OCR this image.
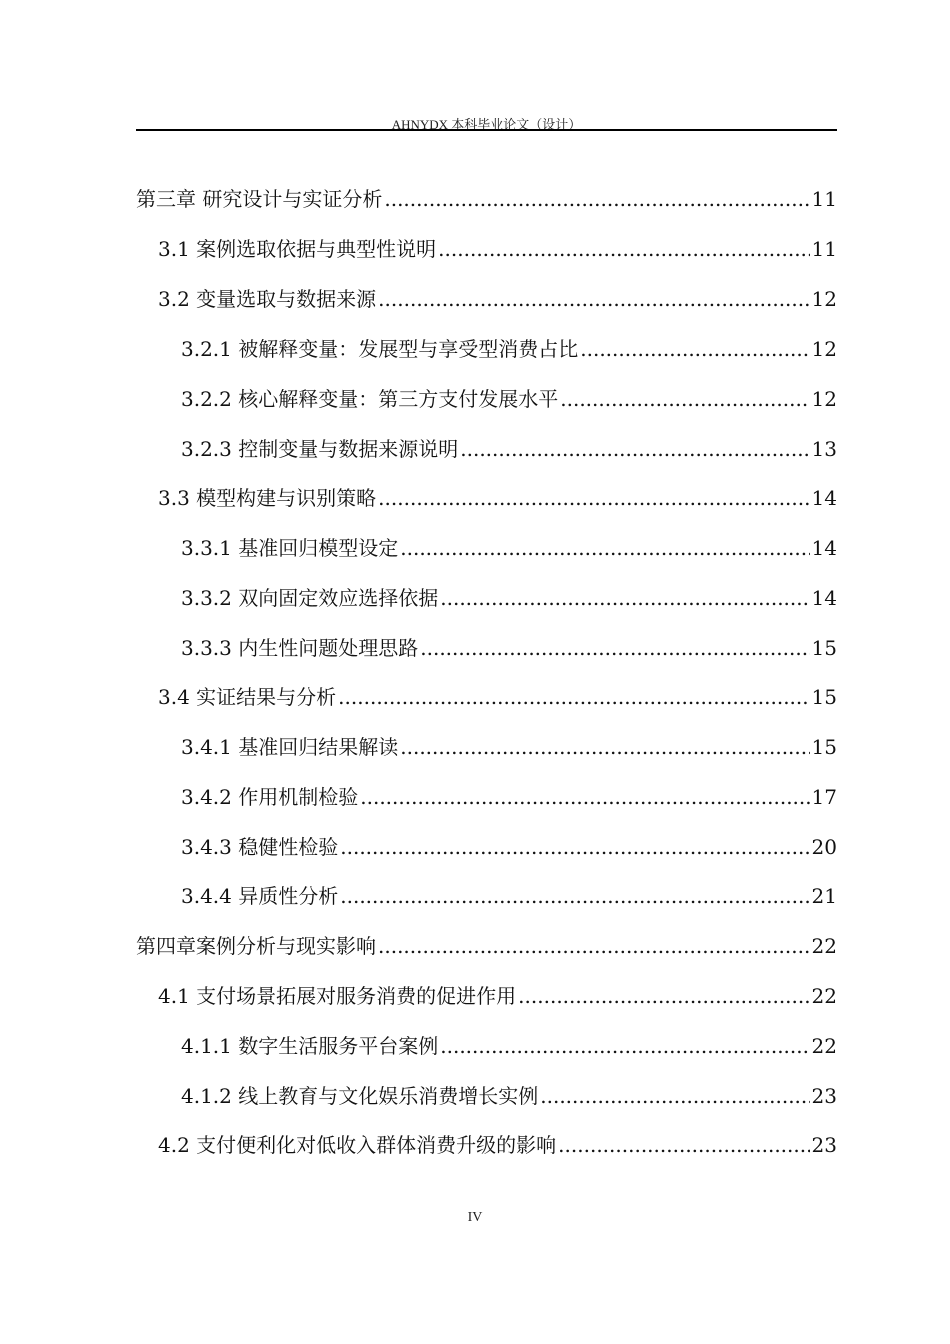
AHNYDX 本科毕业论文（设计）
第三章 研究设计与实证分析 .....	11
3.1 案例选取依据与典型性说明 .....	11
3.2 变量选取与数据来源 .....	12
3.2.1 被解释变量：发展型与享受型消费占比 .....	12
3.2.2 核心解释变量：第三方支付发展水平 .....	12
3.2.3 控制变量与数据来源说明 .....	13
3.3 模型构建与识别策略 .....	14
3.3.1 基准回归模型设定 .....	14
3.3.2 双向固定效应选择依据 .....	14
3.3.3 内生性问题处理思路 .....	15
3.4 实证结果与分析 .....	15
3.4.1 基准回归结果解读 .....	15
3.4.2 作用机制检验 .....	17
3.4.3 稳健性检验 .....	20
3.4.4 异质性分析 .....	21
第四章案例分析与现实影响 .....	22
4.1 支付场景拓展对服务消费的促进作用 .....	22
4.1.1 数字生活服务平台案例 .....	22
4.1.2 线上教育与文化娱乐消费增长实例 .....	23
4.2 支付便利化对低收入群体消费升级的影响 .....	23
IV
